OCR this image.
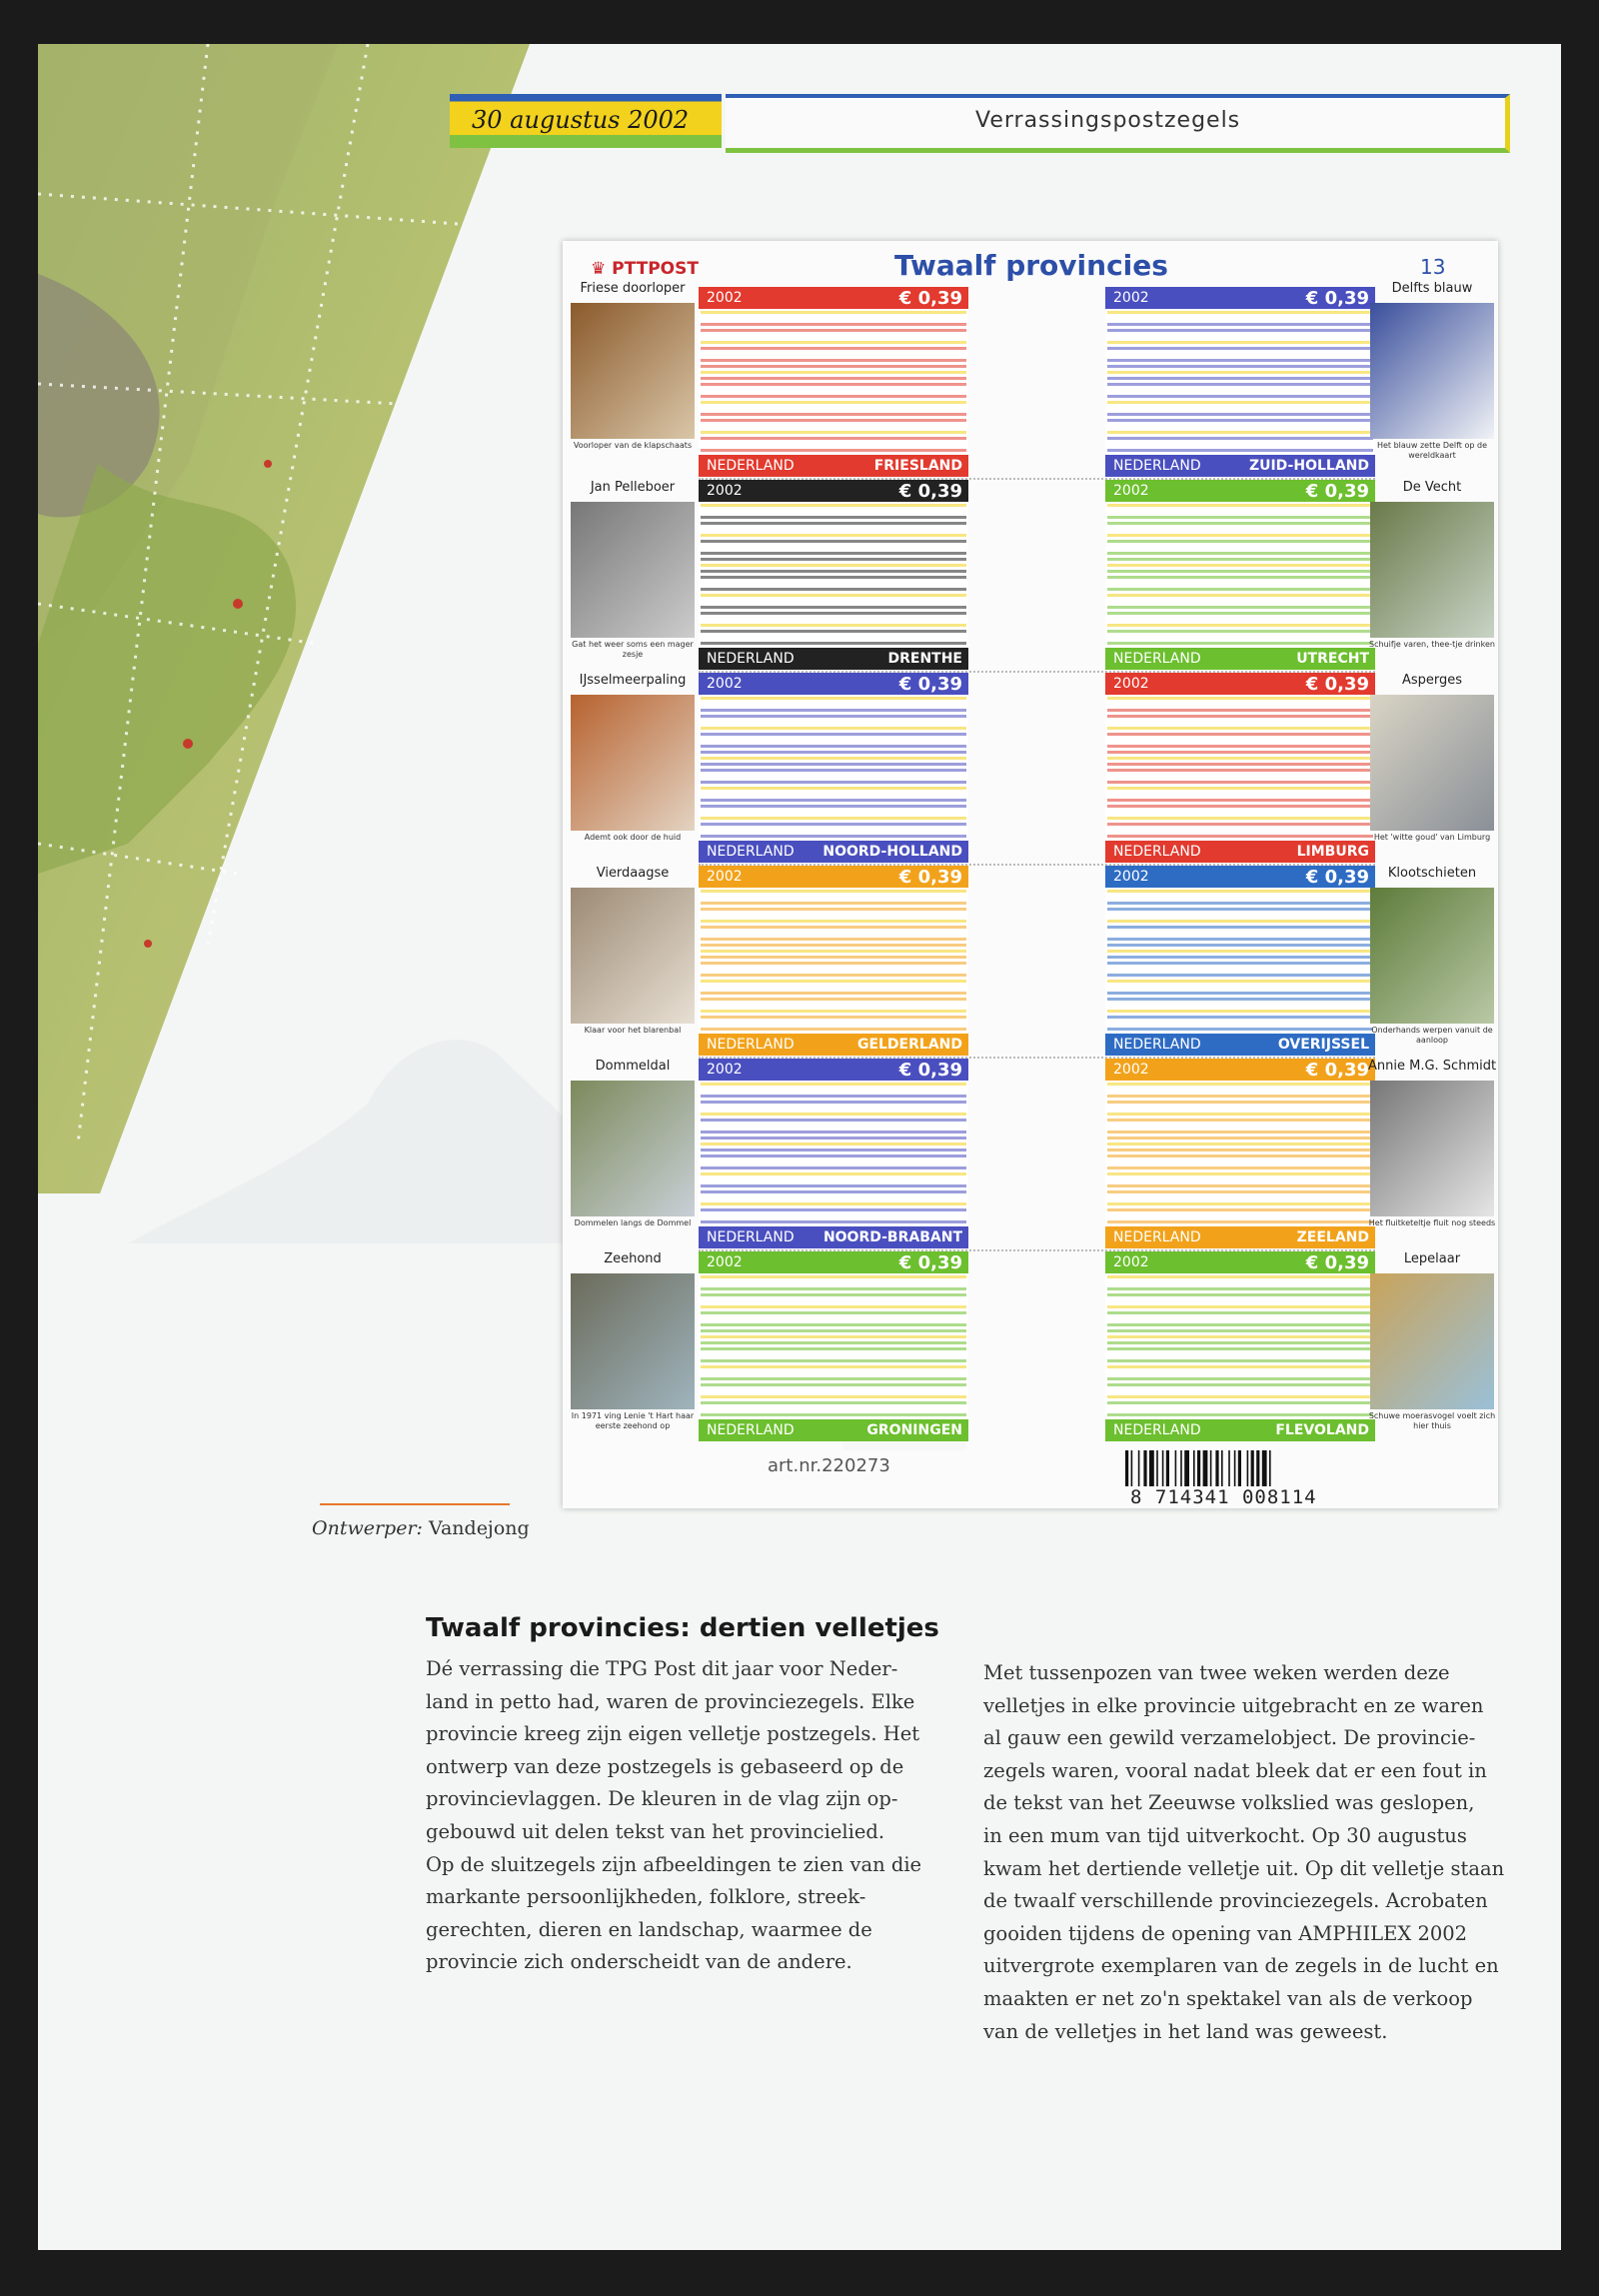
30 augustus 2002	Verrassingspostzegels
♛ PTTPOST	Twaalf provincies	13
2002	€ 0,39
NEDERLAND	FRIESLAND
2002	€ 0,39
NEDERLAND	ZUID-HOLLAND
2002	€ 0,39
NEDERLAND	DRENTHE
2002	€ 0,39
NEDERLAND	UTRECHT
2002	€ 0,39
NEDERLAND NOORD-HOLLAND
2002	€ 0,39
NEDERLAND	LIMBURG
2002	€ 0,39
NEDERLAND	GELDERLAND
2002	€ 0,39
NEDERLAND	OVERIJSSEL
2002	€ 0,39
NEDERLAND NOORD-BRABANT
2002	€ 0,39
NEDERLAND	ZEELAND
2002	€ 0,39
NEDERLAND	GRONINGEN
2002	€ 0,39
NEDERLAND	FLEVOLAND
Friese doorloper
Voorloper van de klapschaats
Jan Pelleboer
Gat het weer soms een mager zesje
IJsselmeerpaling
Ademt ook door de huid
Vierdaagse
Klaar voor het blarenbal
Dommeldal
Dommelen langs de Dommel
Zeehond
In 1971 ving Lenie 't Hart haar eerste zeehond op
Delfts blauw
Het blauw zette Delft op de wereldkaart
De Vecht
Schuifje varen, thee-tje drinken
Asperges
Het 'witte goud' van Limburg
Klootschieten
Onderhands werpen vanuit de aanloop
Annie M.G. Schmidt
Het fluitketeltje fluit nog steeds
Lepelaar
Schuwe moerasvogel voelt zich hier thuis
art.nr.220273
8 714341 008114
Ontwerper: Vandejong
Twaalf provincies: dertien velletjes

Dé verrassing die TPG Post dit jaar voor Neder-

land in petto had, waren de provinciezegels. Elke

provincie kreeg zijn eigen velletje postzegels. Het

ontwerp van deze postzegels is gebaseerd op de

provincievlaggen. De kleuren in de vlag zijn op-

gebouwd uit delen tekst van het provincielied.

Op de sluitzegels zijn afbeeldingen te zien van die

markante persoonlijkheden, folklore, streek-

gerechten, dieren en landschap, waarmee de

provincie zich onderscheidt van de andere.

Met tussenpozen van twee weken werden deze

velletjes in elke provincie uitgebracht en ze waren

al gauw een gewild verzamelobject. De provincie-

zegels waren, vooral nadat bleek dat er een fout in

de tekst van het Zeeuwse volkslied was geslopen,

in een mum van tijd uitverkocht. Op 30 augustus

kwam het dertiende velletje uit. Op dit velletje staan

de twaalf verschillende provinciezegels. Acrobaten

gooiden tijdens de opening van AMPHILEX 2002

uitvergrote exemplaren van de zegels in de lucht en

maakten er net zo'n spektakel van als de verkoop

van de velletjes in het land was geweest.
